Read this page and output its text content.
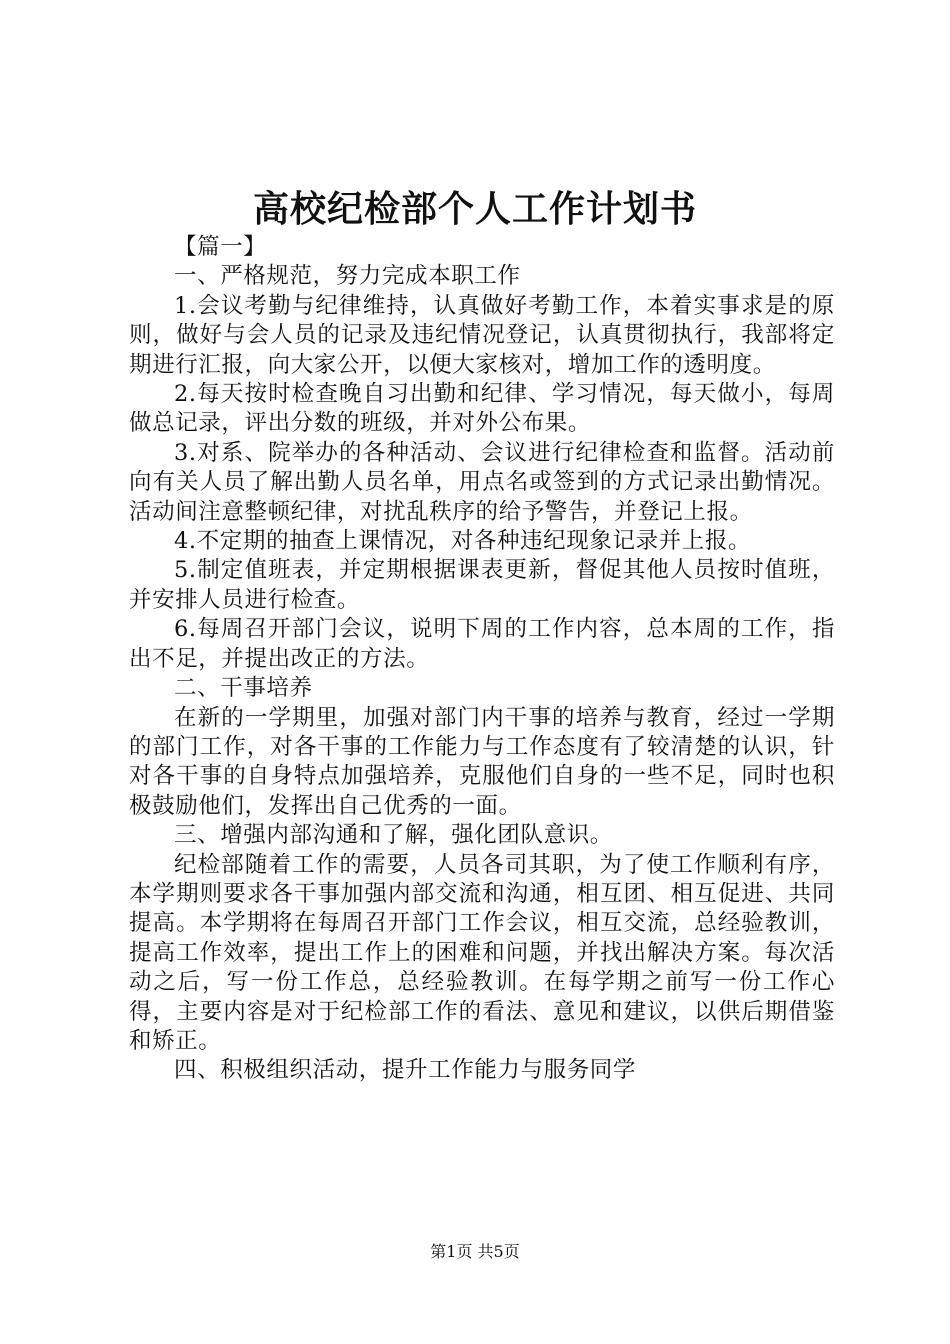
高校纪检部个人工作计划书

【篇一】

一、严格规范，努力完成本职工作

1.会议考勤与纪律维持，认真做好考勤工作，本着实事求是的原则，做好与会人员的记录及违纪情况登记，认真贯彻执行，我部将定期进行汇报，向大家公开，以便大家核对，增加工作的透明度。

2.每天按时检查晚自习出勤和纪律、学习情况，每天做小，每周做总记录，评出分数的班级，并对外公布果。

3.对系、院举办的各种活动、会议进行纪律检查和监督。活动前向有关人员了解出勤人员名单，用点名或签到的方式记录出勤情况。活动间注意整顿纪律，对扰乱秩序的给予警告，并登记上报。

4.不定期的抽查上课情况，对各种违纪现象记录并上报。

5.制定值班表，并定期根据课表更新，督促其他人员按时值班，并安排人员进行检查。

6.每周召开部门会议，说明下周的工作内容，总本周的工作，指出不足，并提出改正的方法。

二、干事培养

在新的一学期里，加强对部门内干事的培养与教育，经过一学期的部门工作，对各干事的工作能力与工作态度有了较清楚的认识，针对各干事的自身特点加强培养，克服他们自身的一些不足，同时也积极鼓励他们，发挥出自己优秀的一面。

三、增强内部沟通和了解，强化团队意识。

纪检部随着工作的需要，人员各司其职，为了使工作顺利有序，本学期则要求各干事加强内部交流和沟通，相互团、相互促进、共同提高。本学期将在每周召开部门工作会议，相互交流，总经验教训，提高工作效率，提出工作上的困难和问题，并找出解决方案。每次活动之后，写一份工作总，总经验教训。在每学期之前写一份工作心得，主要内容是对于纪检部工作的看法、意见和建议，以供后期借鉴和矫正。

四、积极组织活动，提升工作能力与服务同学

第1页 共5页
